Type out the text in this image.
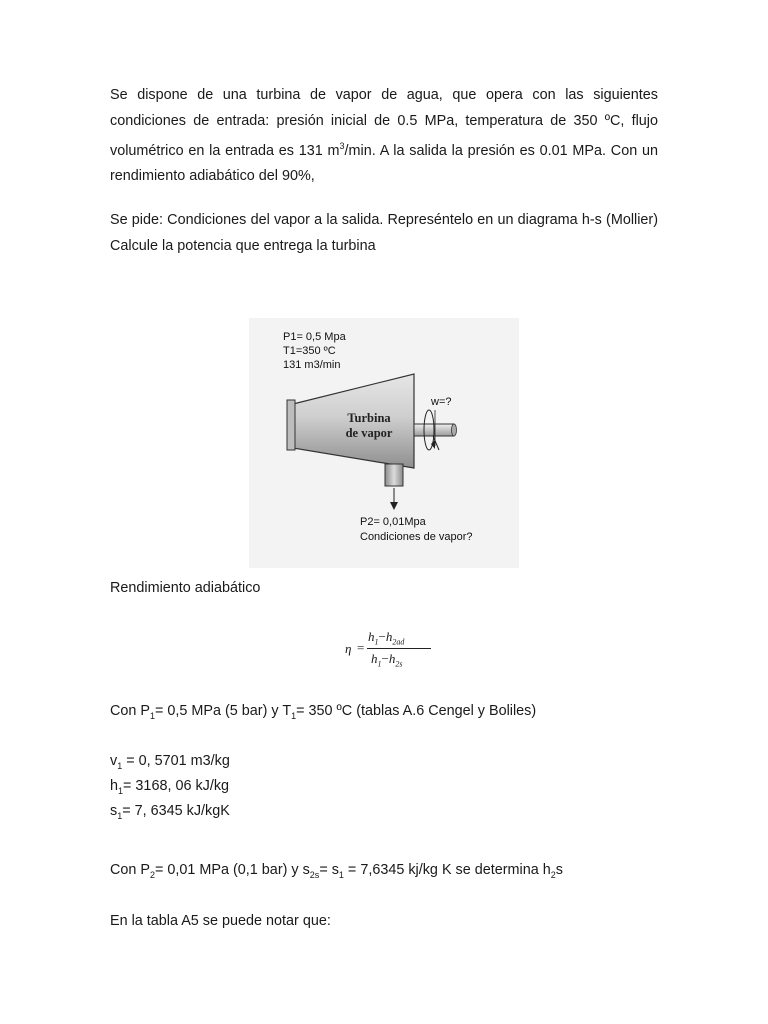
Se dispone de una turbina de vapor de agua, que opera con las siguientes condiciones de entrada: presión inicial de 0.5 MPa, temperatura de 350 ºC, flujo volumétrico en la entrada es 131 $m^3/\min$. A la salida la presión es 0.01 MPa. Con un rendimiento adiabático del 90%,

Se pide: Condiciones del vapor a la salida. Represéntelo en un diagrama h-s (Mollier) Calcule la potencia que entrega la turbina

P1= 0,5 Mpa
T1=350 ºC
131 m3/min
Turbina
de vapor
w=?
P2= 0,01Mpa
Condiciones de vapor?

Rendimiento adiabático

η =
$h_1-h_{2ad}$
$h_1-h_{2s}$

Con $P_1= 0,5$ MPa (5 bar) y $T_1= 350$ ºC (tablas A.6 Cengel y Boliles)

$v_1 = 0$, 5701 m3/kg

$h_1= 3168$, 06 kJ/kg

$s_1= 7$, 6345 kJ/kgK

Con $P_2= 0,01$ MPa (0,1 bar) y $s_{2s}= s_1 = 7,6345$ kj/kg K se determina $h_2s$

En la tabla A5 se puede notar que:
